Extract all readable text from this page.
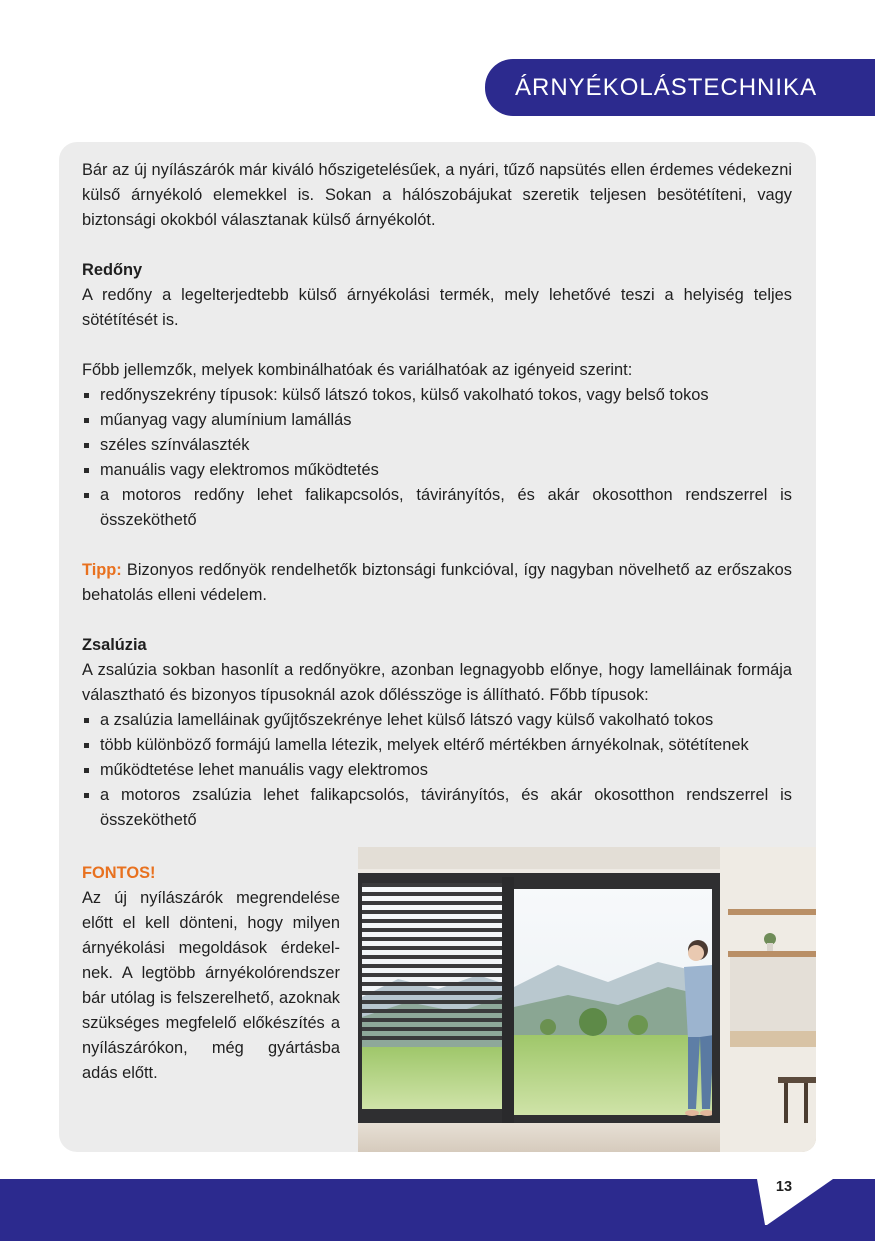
ÁRNYÉKOLÁSTECHNIKA

Bár az új nyílászárók már kiváló hőszigetelésűek, a nyári, tűző napsütés ellen érdemes védekezni külső árnyékoló elemekkel is. Sokan a hálószobájukat szeretik teljesen besötétíteni, vagy biztonsági okokból választanak külső árnyékolót.

Redőny

A redőny a legelterjedtebb külső árnyékolási termék, mely lehetővé teszi a helyiség teljes sötétítését is.

Főbb jellemzők, melyek kombinálhatóak és variálhatóak az igényeid szerint:

redőnyszekrény típusok: külső látszó tokos, külső vakolható tokos, vagy belső tokos
műanyag vagy alumínium lamállás
széles színválaszték
manuális vagy elektromos működtetés
a motoros redőny lehet falikapcsolós, távirányítós, és akár okosotthon rendszerrel is összeköthető

Tipp: Bizonyos redőnyök rendelhetők biztonsági funkcióval, így nagyban növelhető az erőszakos behatolás elleni védelem.

Zsalúzia

A zsalúzia sokban hasonlít a redőnyökre, azonban legnagyobb előnye, hogy lamelláinak formája választható és bizonyos típusoknál azok dőlésszöge is állítható. Főbb típusok:

a zsalúzia lamelláinak gyűjtőszekrénye lehet külső látszó vagy külső vakolható tokos
több különböző formájú lamella létezik, melyek eltérő mértékben árnyékolnak, sötétítenek
működtetése lehet manuális vagy elektromos
a motoros zsalúzia lehet falikapcsolós, távirányítós, és akár okosotthon rendszerrel is összeköthető
FONTOS!

Az új nyílászárók megrendelése előtt el kell dönteni, hogy milyen árnyékolási megoldások érdekelnek. A legtöbb árnyékolórendszer bár utólag is felszerelhető, azoknak szükséges megfelelő előkészítés a nyílászárókon, még gyártásba adás előtt.

13
